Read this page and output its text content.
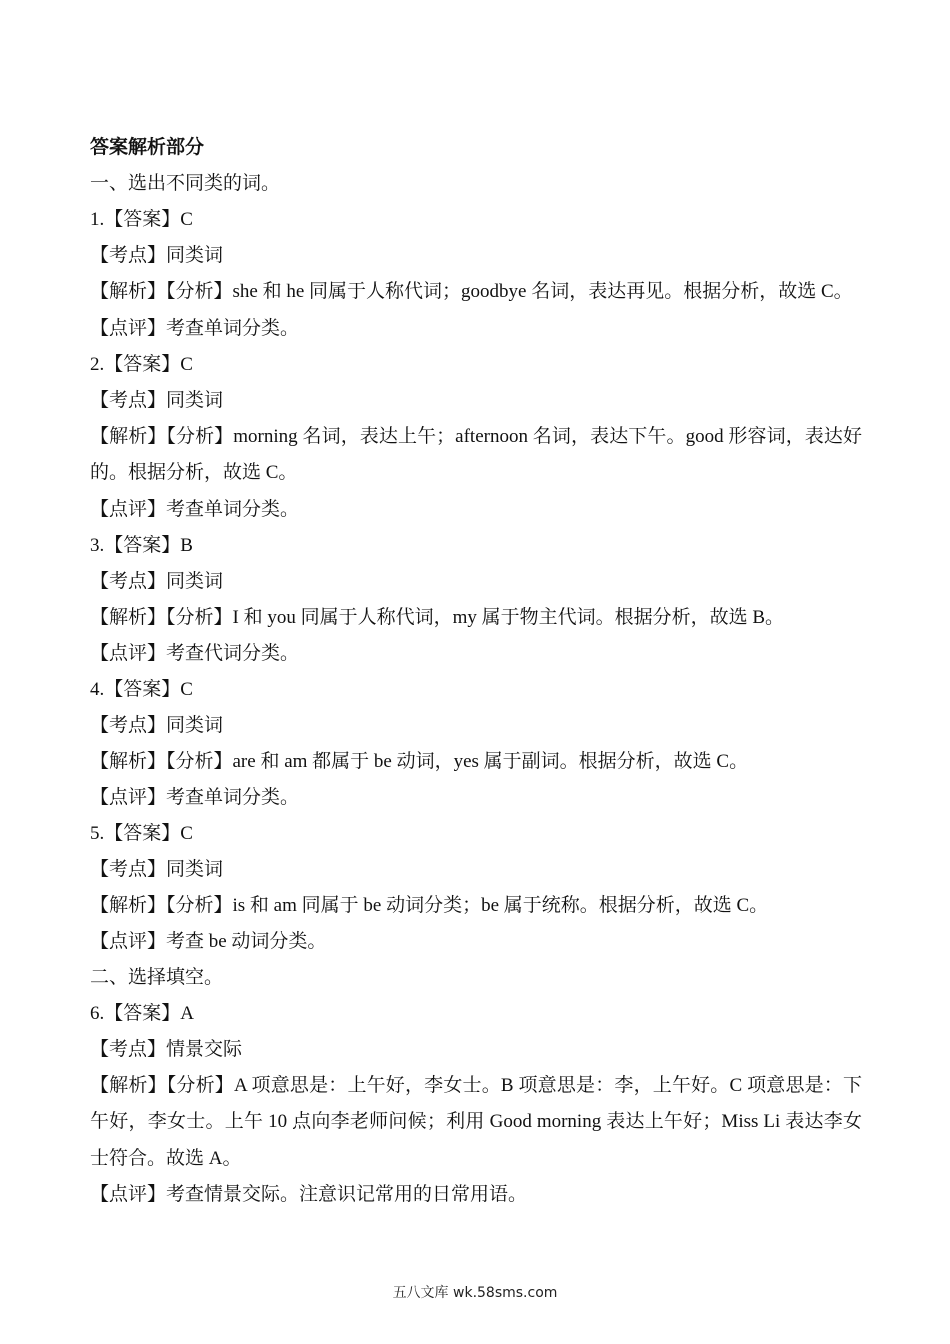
答案解析部分

一、选出不同类的词。

1.【答案】C

【考点】同类词

【解析】【分析】she 和 he 同属于人称代词；goodbye 名词，表达再见。根据分析，故选 C。

【点评】考查单词分类。

2.【答案】C

【考点】同类词

【解析】【分析】morning 名词，表达上午；afternoon 名词，表达下午。good 形容词，表达好的。根据分析，故选 C。

【点评】考查单词分类。

3.【答案】B

【考点】同类词

【解析】【分析】I 和 you 同属于人称代词，my 属于物主代词。根据分析，故选 B。

【点评】考查代词分类。

4.【答案】C

【考点】同类词

【解析】【分析】are 和 am 都属于 be 动词，yes 属于副词。根据分析，故选 C。

【点评】考查单词分类。

5.【答案】C

【考点】同类词

【解析】【分析】is 和 am 同属于 be 动词分类；be 属于统称。根据分析，故选 C。

【点评】考查 be 动词分类。

二、选择填空。

6.【答案】A

【考点】情景交际

【解析】【分析】A 项意思是：上午好，李女士。B 项意思是：李，上午好。C 项意思是：下午好，李女士。上午 10 点向李老师问候；利用 Good morning 表达上午好；Miss Li 表达李女士符合。故选 A。

【点评】考查情景交际。注意识记常用的日常用语。

五八文库 wk.58sms.com
